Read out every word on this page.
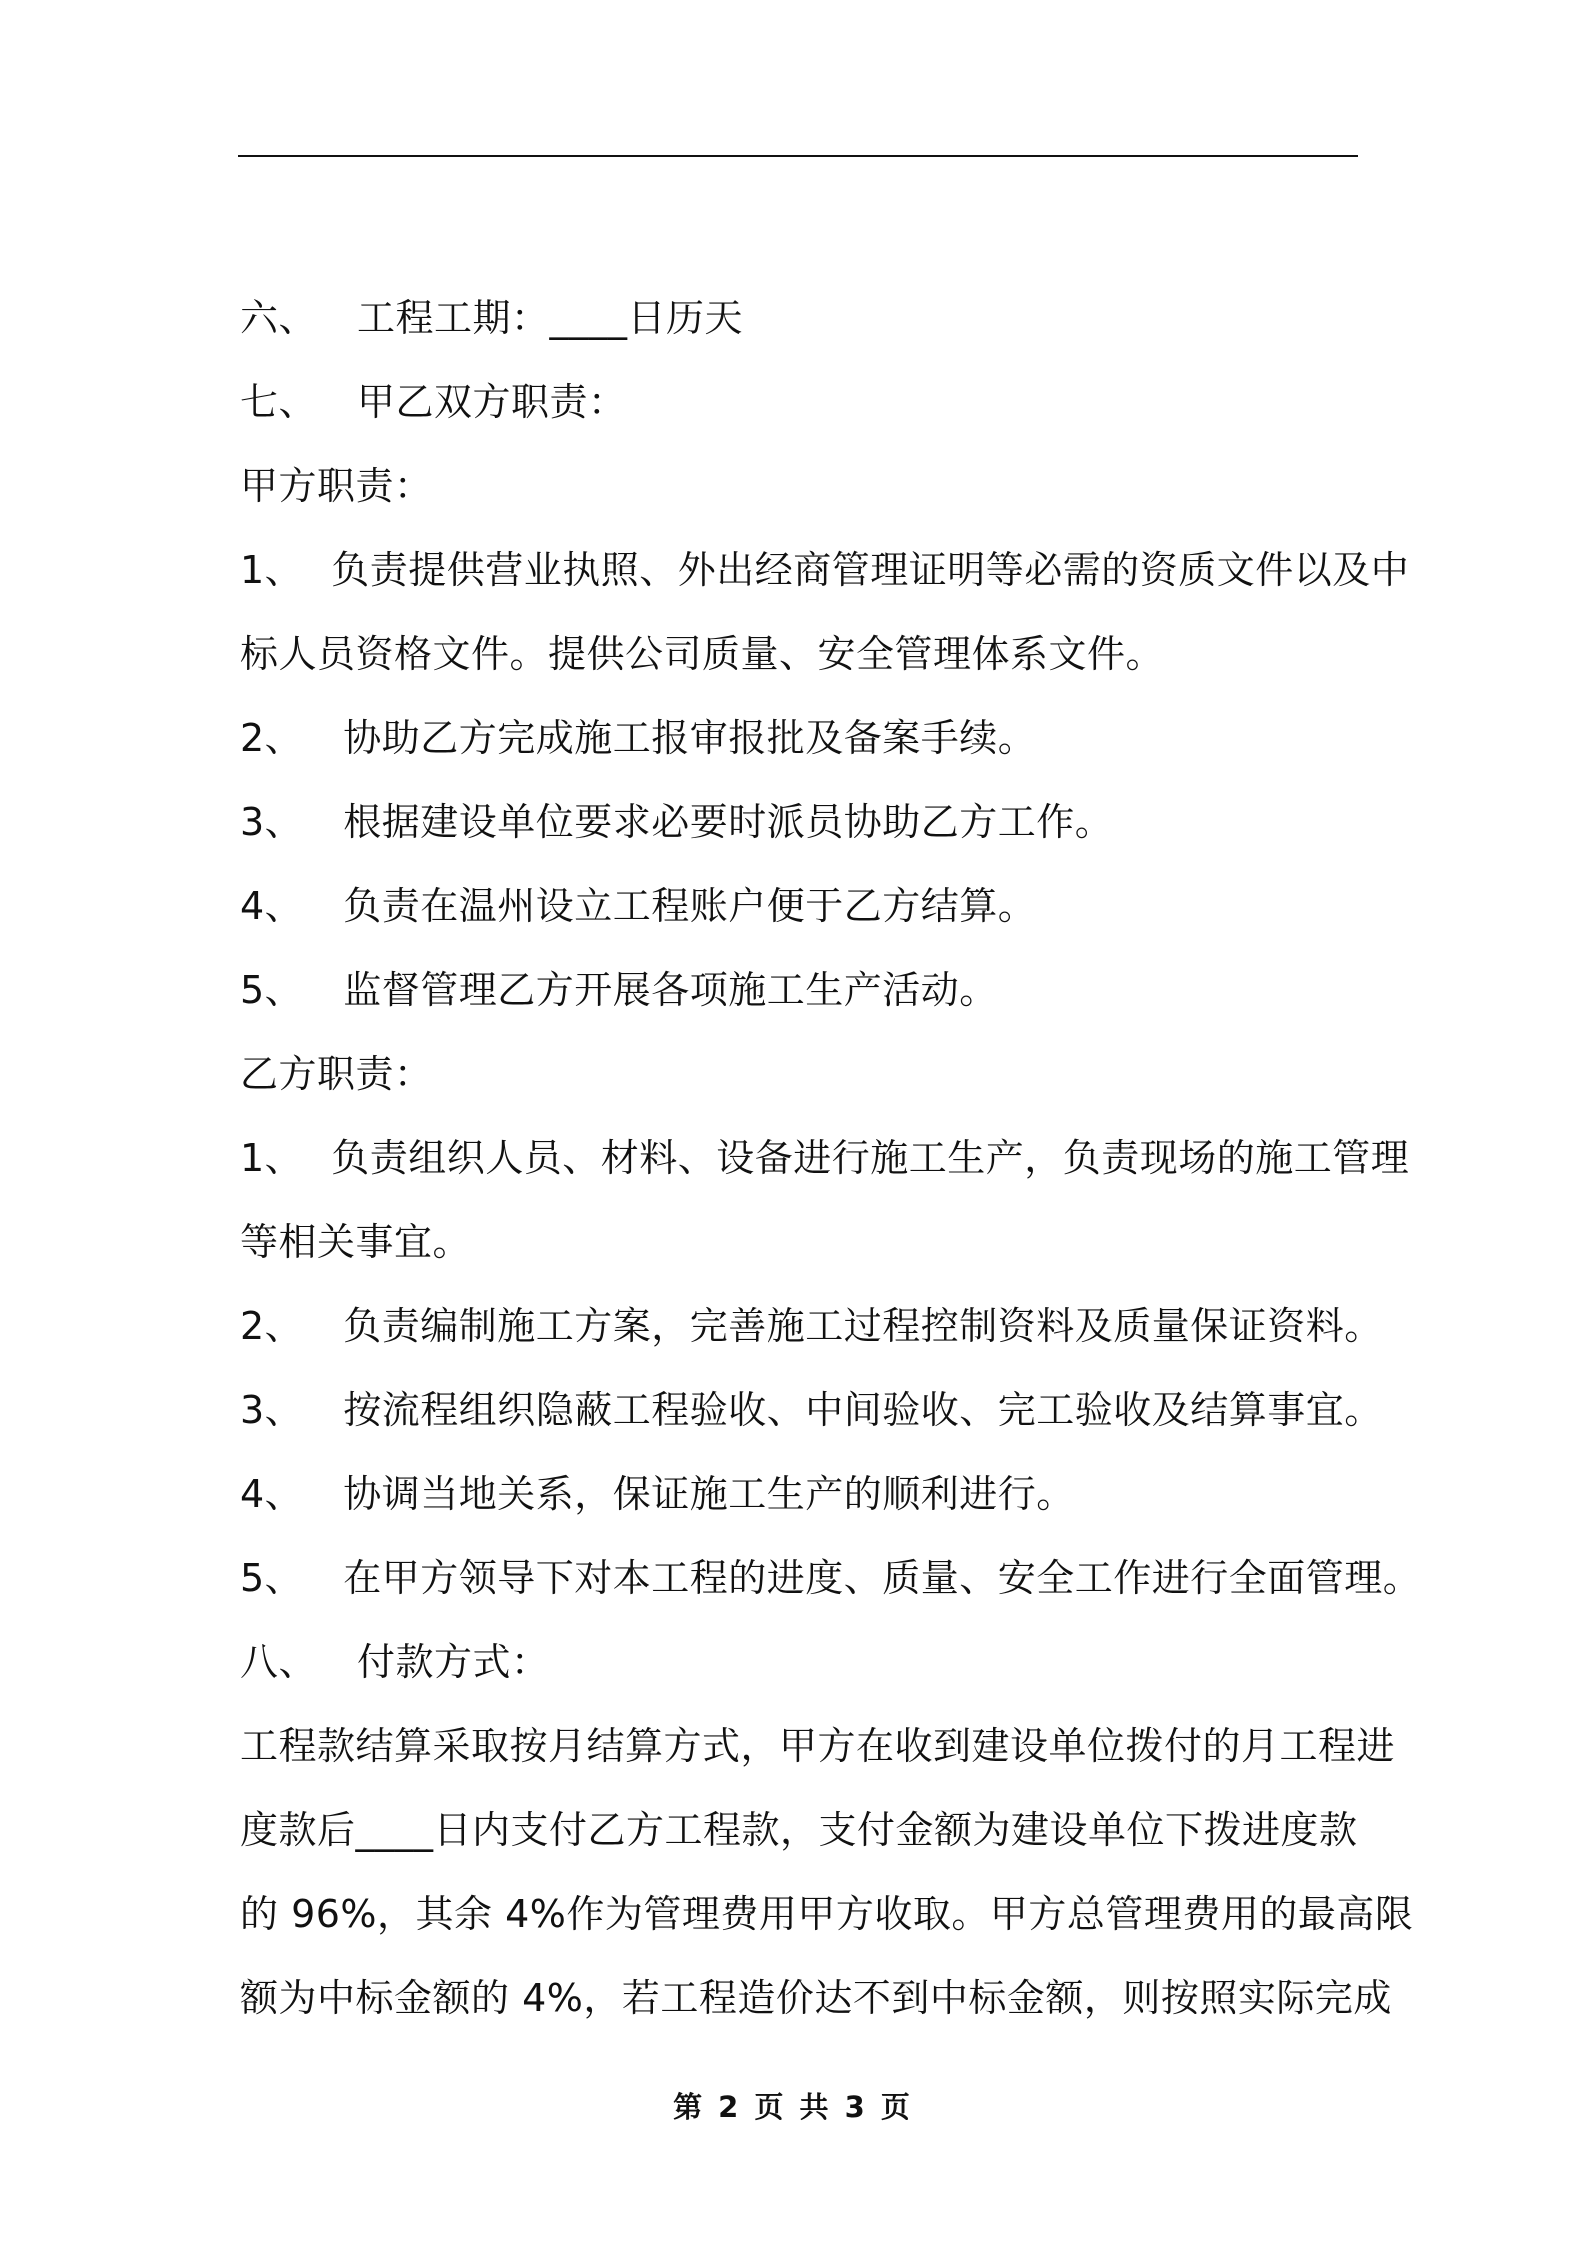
六、 工程工期：____日历天
七、 甲乙双方职责：
甲方职责：
1、 负责提供营业执照、外出经商管理证明等必需的资质文件以及中
标人员资格文件。提供公司质量、安全管理体系文件。
2、 协助乙方完成施工报审报批及备案手续。
3、 根据建设单位要求必要时派员协助乙方工作。
4、 负责在温州设立工程账户便于乙方结算。
5、 监督管理乙方开展各项施工生产活动。
乙方职责：
1、 负责组织人员、材料、设备进行施工生产，负责现场的施工管理
等相关事宜。
2、 负责编制施工方案，完善施工过程控制资料及质量保证资料。
3、 按流程组织隐蔽工程验收、中间验收、完工验收及结算事宜。
4、 协调当地关系，保证施工生产的顺利进行。
5、 在甲方领导下对本工程的进度、质量、安全工作进行全面管理。
八、 付款方式：
工程款结算采取按月结算方式，甲方在收到建设单位拨付的月工程进
度款后____日内支付乙方工程款，支付金额为建设单位下拨进度款
的 96%，其余 4%作为管理费用甲方收取。甲方总管理费用的最高限
额为中标金额的 4%，若工程造价达不到中标金额，则按照实际完成
第 2 页 共 3 页
